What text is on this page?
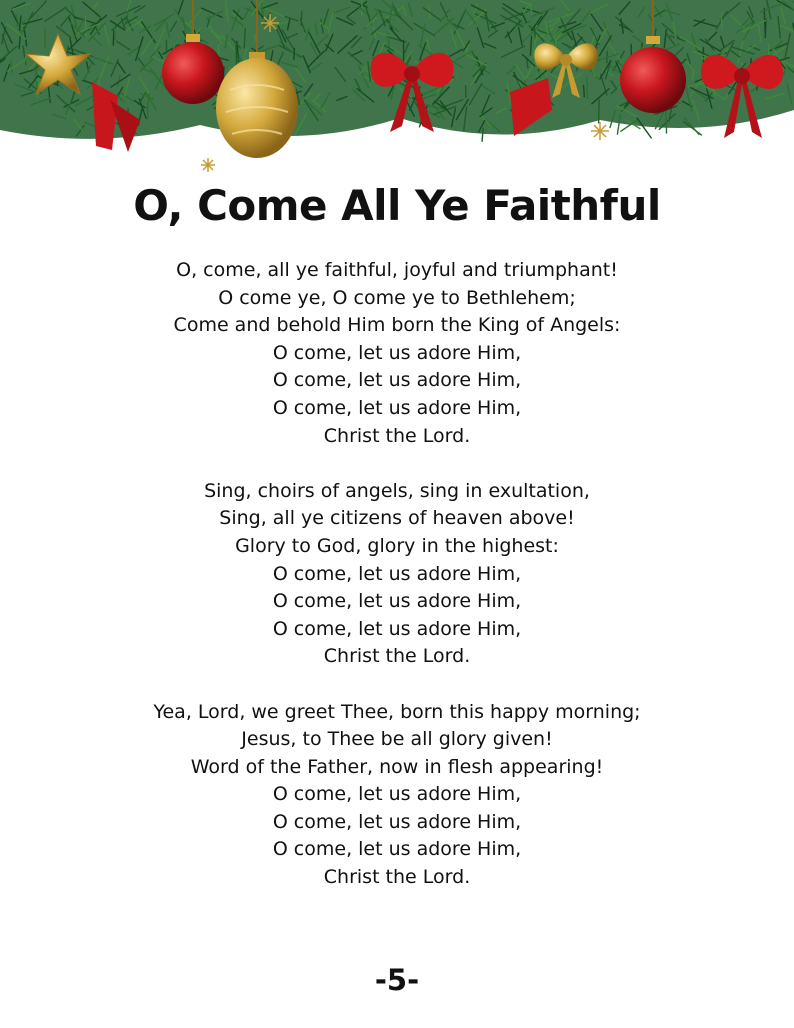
O, Come All Ye Faithful
O, come, all ye faithful, joyful and triumphant!
O come ye, O come ye to Bethlehem;
Come and behold Him born the King of Angels:
O come, let us adore Him,
O come, let us adore Him,
O come, let us adore Him,
Christ the Lord.
Sing, choirs of angels, sing in exultation,
Sing, all ye citizens of heaven above!
Glory to God, glory in the highest:
O come, let us adore Him,
O come, let us adore Him,
O come, let us adore Him,
Christ the Lord.
Yea, Lord, we greet Thee, born this happy morning;
Jesus, to Thee be all glory given!
Word of the Father, now in flesh appearing!
O come, let us adore Him,
O come, let us adore Him,
O come, let us adore Him,
Christ the Lord.
-5-
